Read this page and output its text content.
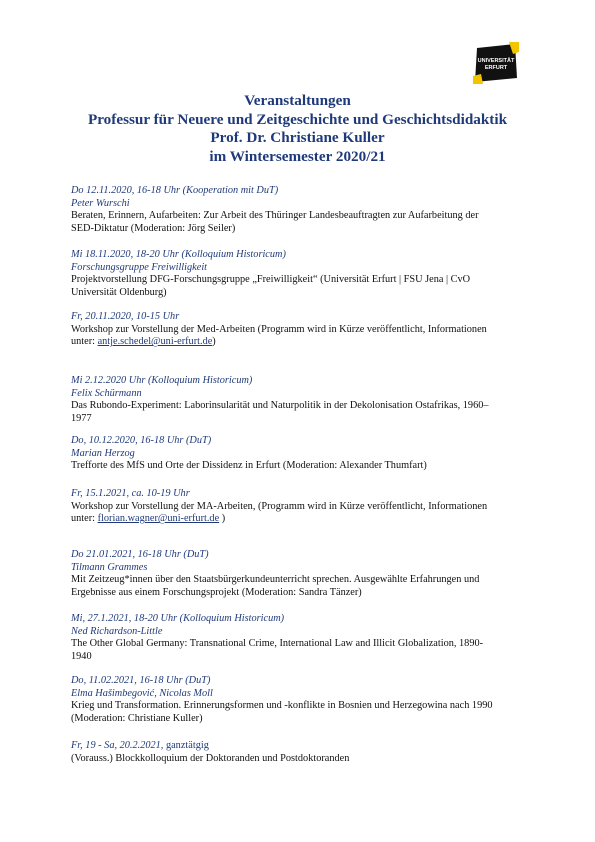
UNIVERSITÄT
ERFURT
Veranstaltungen
Professur für Neuere und Zeitgeschichte und Geschichtsdidaktik
Prof. Dr. Christiane Kuller
im Wintersemester 2020/21
Do 12.11.2020, 16-18 Uhr (Kooperation mit DuT)
Peter Wurschi
Beraten, Erinnern, Aufarbeiten: Zur Arbeit des Thüringer Landesbeauftragten zur Aufarbeitung der
SED-Diktatur (Moderation: Jörg Seiler)
Mi 18.11.2020, 18-20 Uhr (Kolloquium Historicum)
Forschungsgruppe Freiwilligkeit
Projektvorstellung DFG-Forschungsgruppe „Freiwilligkeit“ (Universität Erfurt | FSU Jena | CvO
Universität Oldenburg)
Fr, 20.11.2020, 10-15 Uhr
Workshop zur Vorstellung der Med-Arbeiten (Programm wird in Kürze veröffentlicht, Informationen
unter: antje.schedel@uni-erfurt.de)
Mi 2.12.2020 Uhr (Kolloquium Historicum)
Felix Schürmann
Das Rubondo-Experiment: Laborinsularität und Naturpolitik in der Dekolonisation Ostafrikas, 1960–
1977
Do, 10.12.2020, 16-18 Uhr (DuT)
Marian Herzog
Trefforte des MfS und Orte der Dissidenz in Erfurt (Moderation: Alexander Thumfart)
Fr, 15.1.2021, ca. 10-19 Uhr
Workshop zur Vorstellung der MA-Arbeiten, (Programm wird in Kürze veröffentlicht, Informationen
unter: florian.wagner@uni-erfurt.de )
Do 21.01.2021, 16-18 Uhr (DuT)
Tilmann Grammes
Mit Zeitzeug*innen über den Staatsbürgerkundeunterricht sprechen. Ausgewählte Erfahrungen und
Ergebnisse aus einem Forschungsprojekt (Moderation: Sandra Tänzer)
Mi, 27.1.2021, 18-20 Uhr (Kolloquium Historicum)
Ned Richardson-Little
The Other Global Germany: Transnational Crime, International Law and Illicit Globalization, 1890-
1940
Do, 11.02.2021, 16-18 Uhr (DuT)
Elma Hašimbegović, Nicolas Moll
Krieg und Transformation. Erinnerungsformen und -konflikte in Bosnien und Herzegowina nach 1990
(Moderation: Christiane Kuller)
Fr, 19 - Sa, 20.2.2021, ganztätgig
(Vorauss.) Blockkolloquium der Doktoranden und Postdoktoranden
